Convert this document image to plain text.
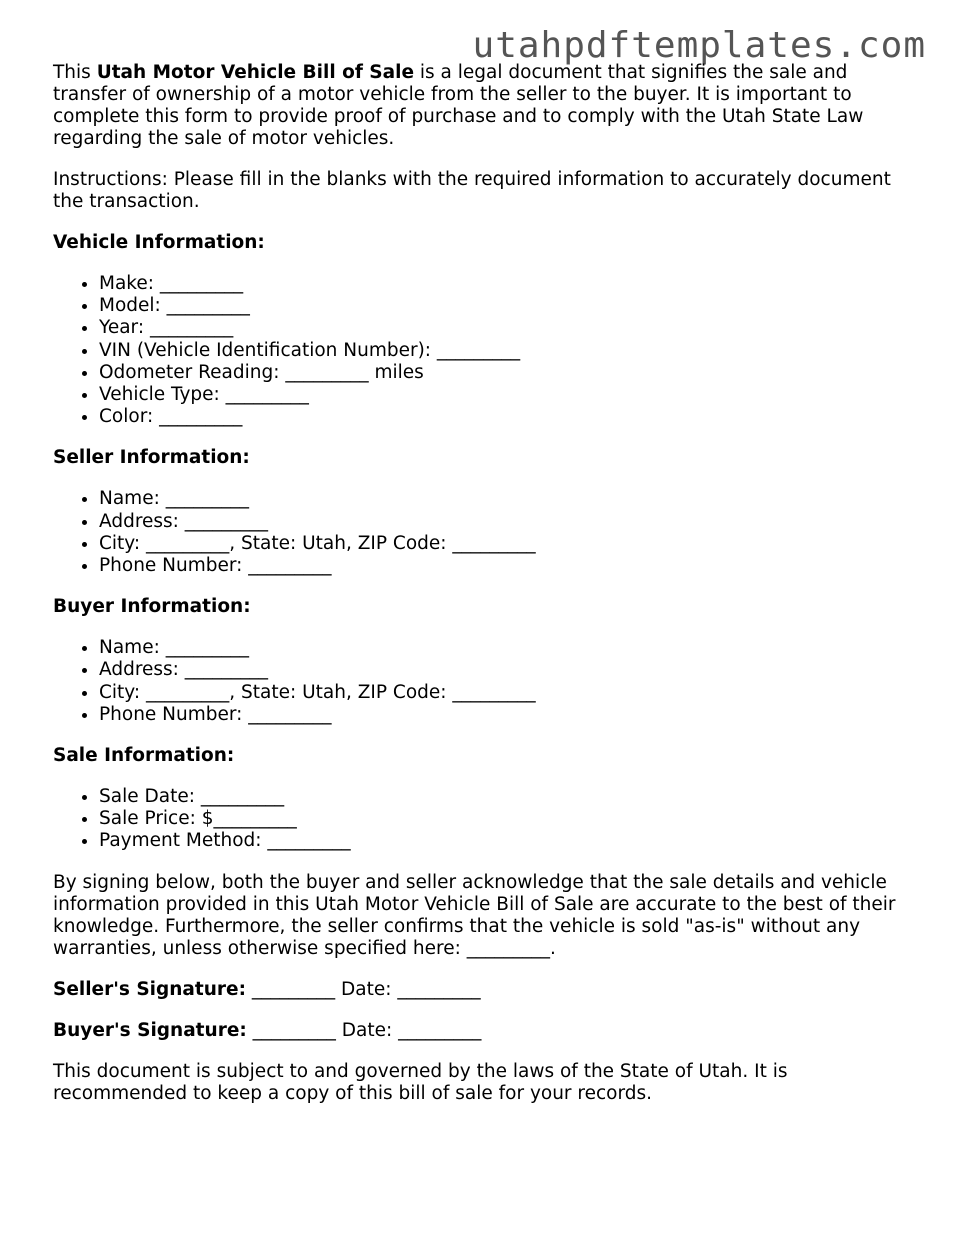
utahpdftemplates.com

This Utah Motor Vehicle Bill of Sale is a legal document that signifies the sale and transfer of ownership of a motor vehicle from the seller to the buyer. It is important to complete this form to provide proof of purchase and to comply with the Utah State Law regarding the sale of motor vehicles.

Instructions: Please fill in the blanks with the required information to accurately document the transaction.

Vehicle Information:
• Make: _________
• Model: _________
• Year: _________
• VIN (Vehicle Identification Number): _________
• Odometer Reading: _________ miles
• Vehicle Type: _________
• Color: _________
Seller Information:
• Name: _________
• Address: _________
• City: _________, State: Utah, ZIP Code: _________
• Phone Number: _________
Buyer Information:
• Name: _________
• Address: _________
• City: _________, State: Utah, ZIP Code: _________
• Phone Number: _________
Sale Information:
• Sale Date: _________
• Sale Price: $_________
• Payment Method: _________

By signing below, both the buyer and seller acknowledge that the sale details and vehicle information provided in this Utah Motor Vehicle Bill of Sale are accurate to the best of their knowledge. Furthermore, the seller confirms that the vehicle is sold "as-is" without any warranties, unless otherwise specified here: _________.

Seller's Signature: _________ Date: _________

Buyer's Signature: _________ Date: _________

This document is subject to and governed by the laws of the State of Utah. It is recommended to keep a copy of this bill of sale for your records.
